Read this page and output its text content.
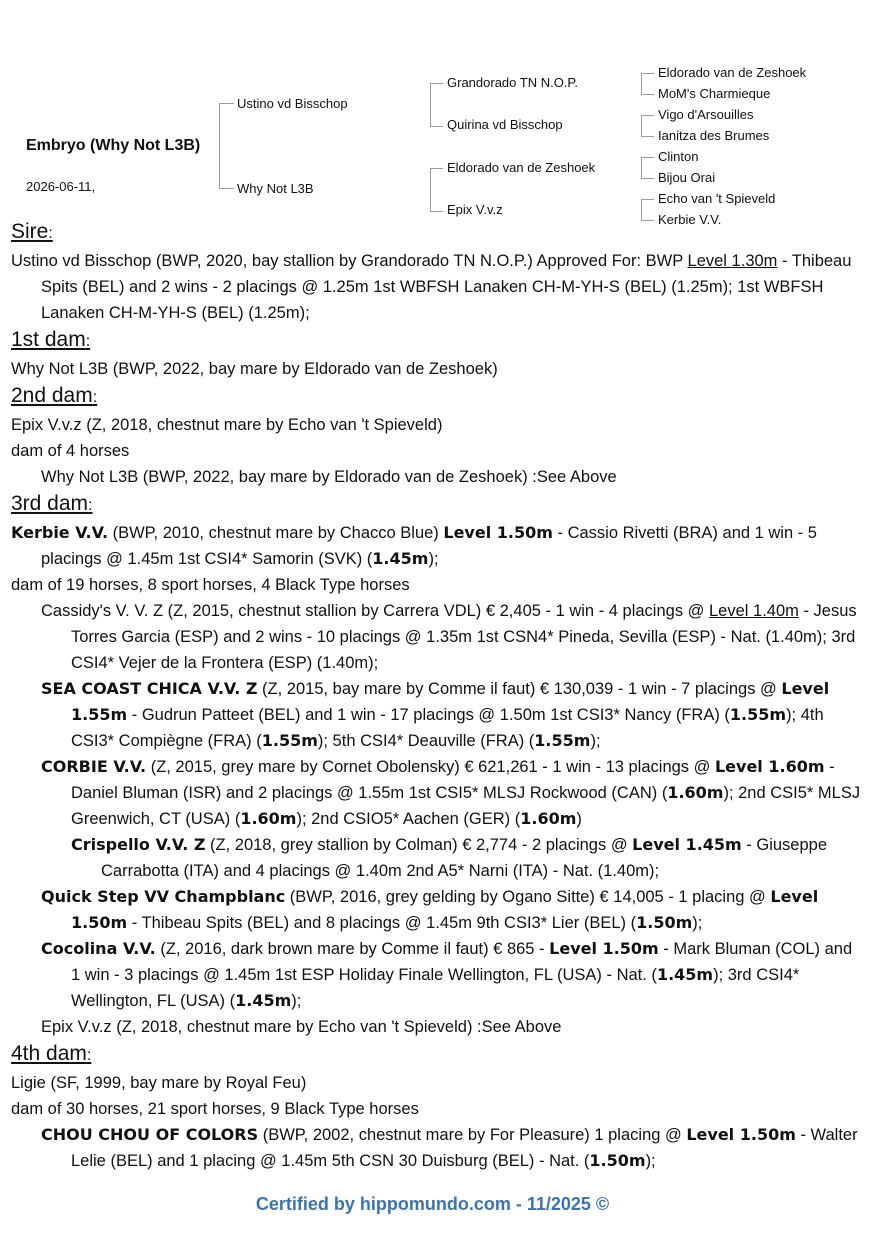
Embryo (Why Not L3B)
2026-06-11,
Ustino vd Bisschop
Why Not L3B
Grandorado TN N.O.P.
Quirina vd Bisschop
Eldorado van de Zeshoek
Epix V.v.z
Eldorado van de Zeshoek
MoM's Charmieque
Vigo d'Arsouilles
Ianitza des Brumes
Clinton
Bijou Orai
Echo van 't Spieveld
Kerbie V.V.
Sire:

Ustino vd Bisschop (BWP, 2020, bay stallion by Grandorado TN N.O.P.) Approved For: BWP Level 1.30m - Thibeau Spits (BEL) and 2 wins - 2 placings @ 1.25m 1st WBFSH Lanaken CH-M-YH-S (BEL) (1.25m); 1st WBFSH Lanaken CH-M-YH-S (BEL) (1.25m);

1st dam:

Why Not L3B (BWP, 2022, bay mare by Eldorado van de Zeshoek)

2nd dam:

Epix V.v.z (Z, 2018, chestnut mare by Echo van 't Spieveld)

dam of 4 horses

Why Not L3B (BWP, 2022, bay mare by Eldorado van de Zeshoek) :See Above

3rd dam:

Kerbie V.V. (BWP, 2010, chestnut mare by Chacco Blue) Level 1.50m - Cassio Rivetti (BRA) and 1 win - 5 placings @ 1.45m 1st CSI4* Samorin (SVK) (1.45m);

dam of 19 horses, 8 sport horses, 4 Black Type horses

Cassidy's V. V. Z (Z, 2015, chestnut stallion by Carrera VDL) € 2,405 - 1 win - 4 placings @ Level 1.40m - Jesus Torres Garcia (ESP) and 2 wins - 10 placings @ 1.35m 1st CSN4* Pineda, Sevilla (ESP) - Nat. (1.40m); 3rd CSI4* Vejer de la Frontera (ESP) (1.40m);

SEA COAST CHICA V.V. Z (Z, 2015, bay mare by Comme il faut) € 130,039 - 1 win - 7 placings @ Level 1.55m - Gudrun Patteet (BEL) and 1 win - 17 placings @ 1.50m 1st CSI3* Nancy (FRA) (1.55m); 4th CSI3* Compiègne (FRA) (1.55m); 5th CSI4* Deauville (FRA) (1.55m);

CORBIE V.V. (Z, 2015, grey mare by Cornet Obolensky) € 621,261 - 1 win - 13 placings @ Level 1.60m - Daniel Bluman (ISR) and 2 placings @ 1.55m 1st CSI5* MLSJ Rockwood (CAN) (1.60m); 2nd CSI5* MLSJ Greenwich, CT (USA) (1.60m); 2nd CSIO5* Aachen (GER) (1.60m)

Crispello V.V. Z (Z, 2018, grey stallion by Colman) € 2,774 - 2 placings @ Level 1.45m - Giuseppe Carrabotta (ITA) and 4 placings @ 1.40m 2nd A5* Narni (ITA) - Nat. (1.40m);

Quick Step VV Champblanc (BWP, 2016, grey gelding by Ogano Sitte) € 14,005 - 1 placing @ Level 1.50m - Thibeau Spits (BEL) and 8 placings @ 1.45m 9th CSI3* Lier (BEL) (1.50m);

Cocolina V.V. (Z, 2016, dark brown mare by Comme il faut) € 865 - Level 1.50m - Mark Bluman (COL) and 1 win - 3 placings @ 1.45m 1st ESP Holiday Finale Wellington, FL (USA) - Nat. (1.45m); 3rd CSI4* Wellington, FL (USA) (1.45m);

Epix V.v.z (Z, 2018, chestnut mare by Echo van 't Spieveld) :See Above

4th dam:

Ligie (SF, 1999, bay mare by Royal Feu)

dam of 30 horses, 21 sport horses, 9 Black Type horses

CHOU CHOU OF COLORS (BWP, 2002, chestnut mare by For Pleasure) 1 placing @ Level 1.50m - Walter Lelie (BEL) and 1 placing @ 1.45m 5th CSN 30 Duisburg (BEL) - Nat. (1.50m);

Certified by hippomundo.com - 11/2025 ©
